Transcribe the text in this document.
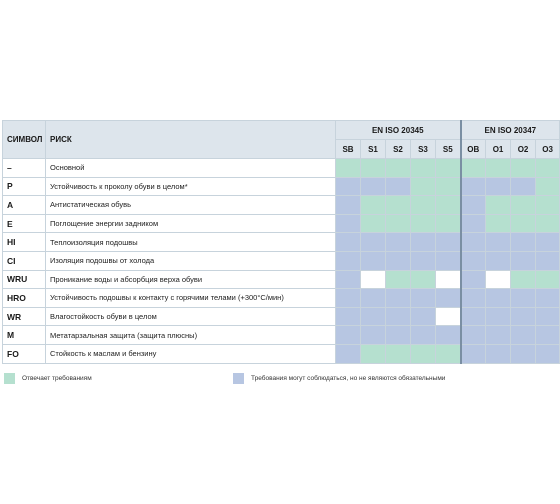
СИМВОЛ	РИСК	EN ISO 20345					EN ISO 20347			
		SB	S1	S2	S3	S5	OB	O1	O2	O3
–	Основной									
P	Устойчивость к проколу обуви в целом*									
A	Антистатическая обувь									
E	Поглощение энергии задником									
HI	Теплоизоляция подошвы									
CI	Изоляция подошвы от холода									
WRU	Проникание воды и абсорбция верха обуви									
HRO	Устойчивость подошвы к контакту с горячими телами (+300°C/мин)									
WR	Влагостойкость обуви в целом									
M	Метатарзальная защита (защита плюсны)									
FO	Стойкость к маслам и бензину									
Отвечает требованиям	Требования могут соблюдаться, но не являются обязательными
